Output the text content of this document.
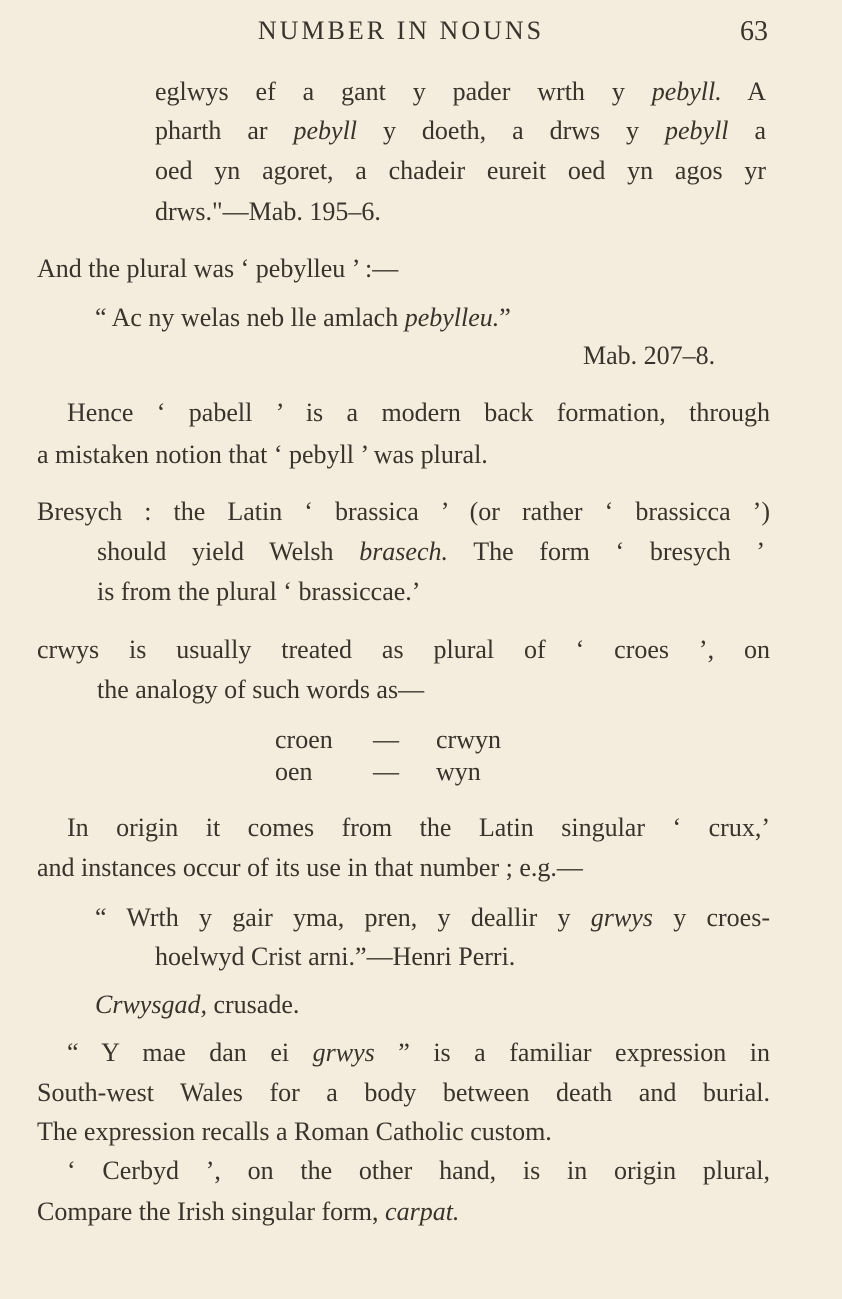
NUMBER IN NOUNS	63
eglwys ef a gant y pader wrth y pebyll. A
pharth ar pebyll y doeth, a drws y pebyll a
oed yn agoret, a chadeir eureit oed yn agos yr
drws."—Mab. 195–6.
And the plural was ‘ pebylleu ’ :—
“ Ac ny welas neb lle amlach pebylleu.”
Mab. 207–8.
Hence ‘ pabell ’ is a modern back formation, through
a mistaken notion that ‘ pebyll ’ was plural.
Bresych : the Latin ‘ brassica ’ (or rather ‘ brassicca ’)
should yield Welsh brasech. The form ‘ bresych ’
is from the plural ‘ brassiccae.’
crwys is usually treated as plural of ‘ croes ’, on
the analogy of such words as—
croen — crwyn
oen — wyn
In origin it comes from the Latin singular ‘ crux,’
and instances occur of its use in that number ; e.g.—
“ Wrth y gair yma, pren, y deallir y grwys y croes-
hoelwyd Crist arni.”—Henri Perri.
Crwysgad, crusade.
“ Y mae dan ei grwys ” is a familiar expression in
South-west Wales for a body between death and burial.
The expression recalls a Roman Catholic custom.
‘ Cerbyd ’, on the other hand, is in origin plural,
Compare the Irish singular form, carpat.
